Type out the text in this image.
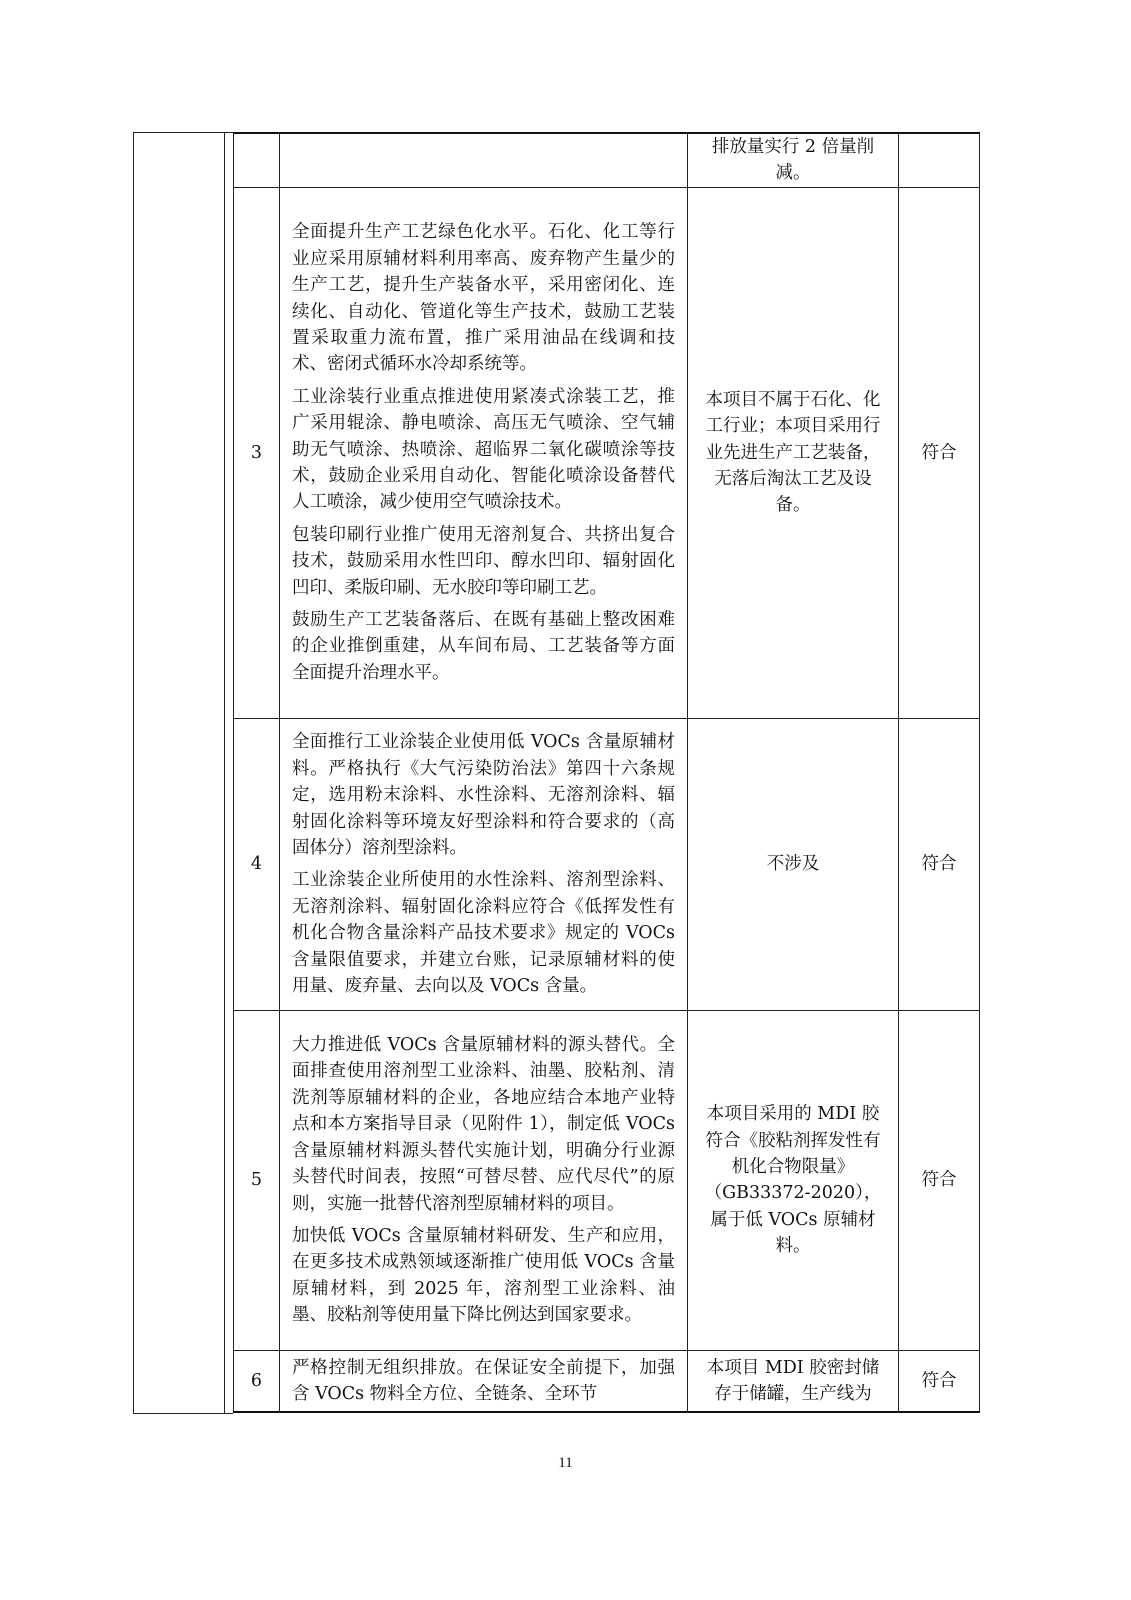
		排放量实行 2 倍量削减。	
3	全面提升生产工艺绿色化水平。石化、化工等行业应采用原辅材料利用率高、废弃物产生量少的生产工艺，提升生产装备水平，采用密闭化、连续化、自动化、管道化等生产技术，鼓励工艺装置采取重力流布置，推广采用油品在线调和技术、密闭式循环水冷却系统等。

工业涂装行业重点推进使用紧凑式涂装工艺，推广采用辊涂、静电喷涂、高压无气喷涂、空气辅助无气喷涂、热喷涂、超临界二氧化碳喷涂等技术，鼓励企业采用自动化、智能化喷涂设备替代人工喷涂，减少使用空气喷涂技术。

包装印刷行业推广使用无溶剂复合、共挤出复合技术，鼓励采用水性凹印、醇水凹印、辐射固化凹印、柔版印刷、无水胶印等印刷工艺。

鼓励生产工艺装备落后、在既有基础上整改困难的企业推倒重建，从车间布局、工艺装备等方面全面提升治理水平。	本项目不属于石化、化工行业；本项目采用行业先进生产工艺装备，无落后淘汰工艺及设备。	符合
4	全面推行工业涂装企业使用低 VOCs 含量原辅材料。严格执行《大气污染防治法》第四十六条规定，选用粉末涂料、水性涂料、无溶剂涂料、辐射固化涂料等环境友好型涂料和符合要求的（高固体分）溶剂型涂料。

工业涂装企业所使用的水性涂料、溶剂型涂料、无溶剂涂料、辐射固化涂料应符合《低挥发性有机化合物含量涂料产品技术要求》规定的 VOCs 含量限值要求，并建立台账，记录原辅材料的使用量、废弃量、去向以及 VOCs 含量。	不涉及	符合
5	大力推进低 VOCs 含量原辅材料的源头替代。全面排查使用溶剂型工业涂料、油墨、胶粘剂、清洗剂等原辅材料的企业，各地应结合本地产业特点和本方案指导目录（见附件 1），制定低 VOCs 含量原辅材料源头替代实施计划，明确分行业源头替代时间表，按照“可替尽替、应代尽代”的原则，实施一批替代溶剂型原辅材料的项目。

加快低 VOCs 含量原辅材料研发、生产和应用，在更多技术成熟领域逐渐推广使用低 VOCs 含量原辅材料，到 2025 年，溶剂型工业涂料、油墨、胶粘剂等使用量下降比例达到国家要求。	本项目采用的 MDI 胶符合《胶粘剂挥发性有机化合物限量》（GB33372-2020），属于低 VOCs 原辅材料。	符合
6	严格控制无组织排放。在保证安全前提下，加强含 VOCs 物料全方位、全链条、全环节	本项目 MDI 胶密封储存于储罐，生产线为	符合
11
